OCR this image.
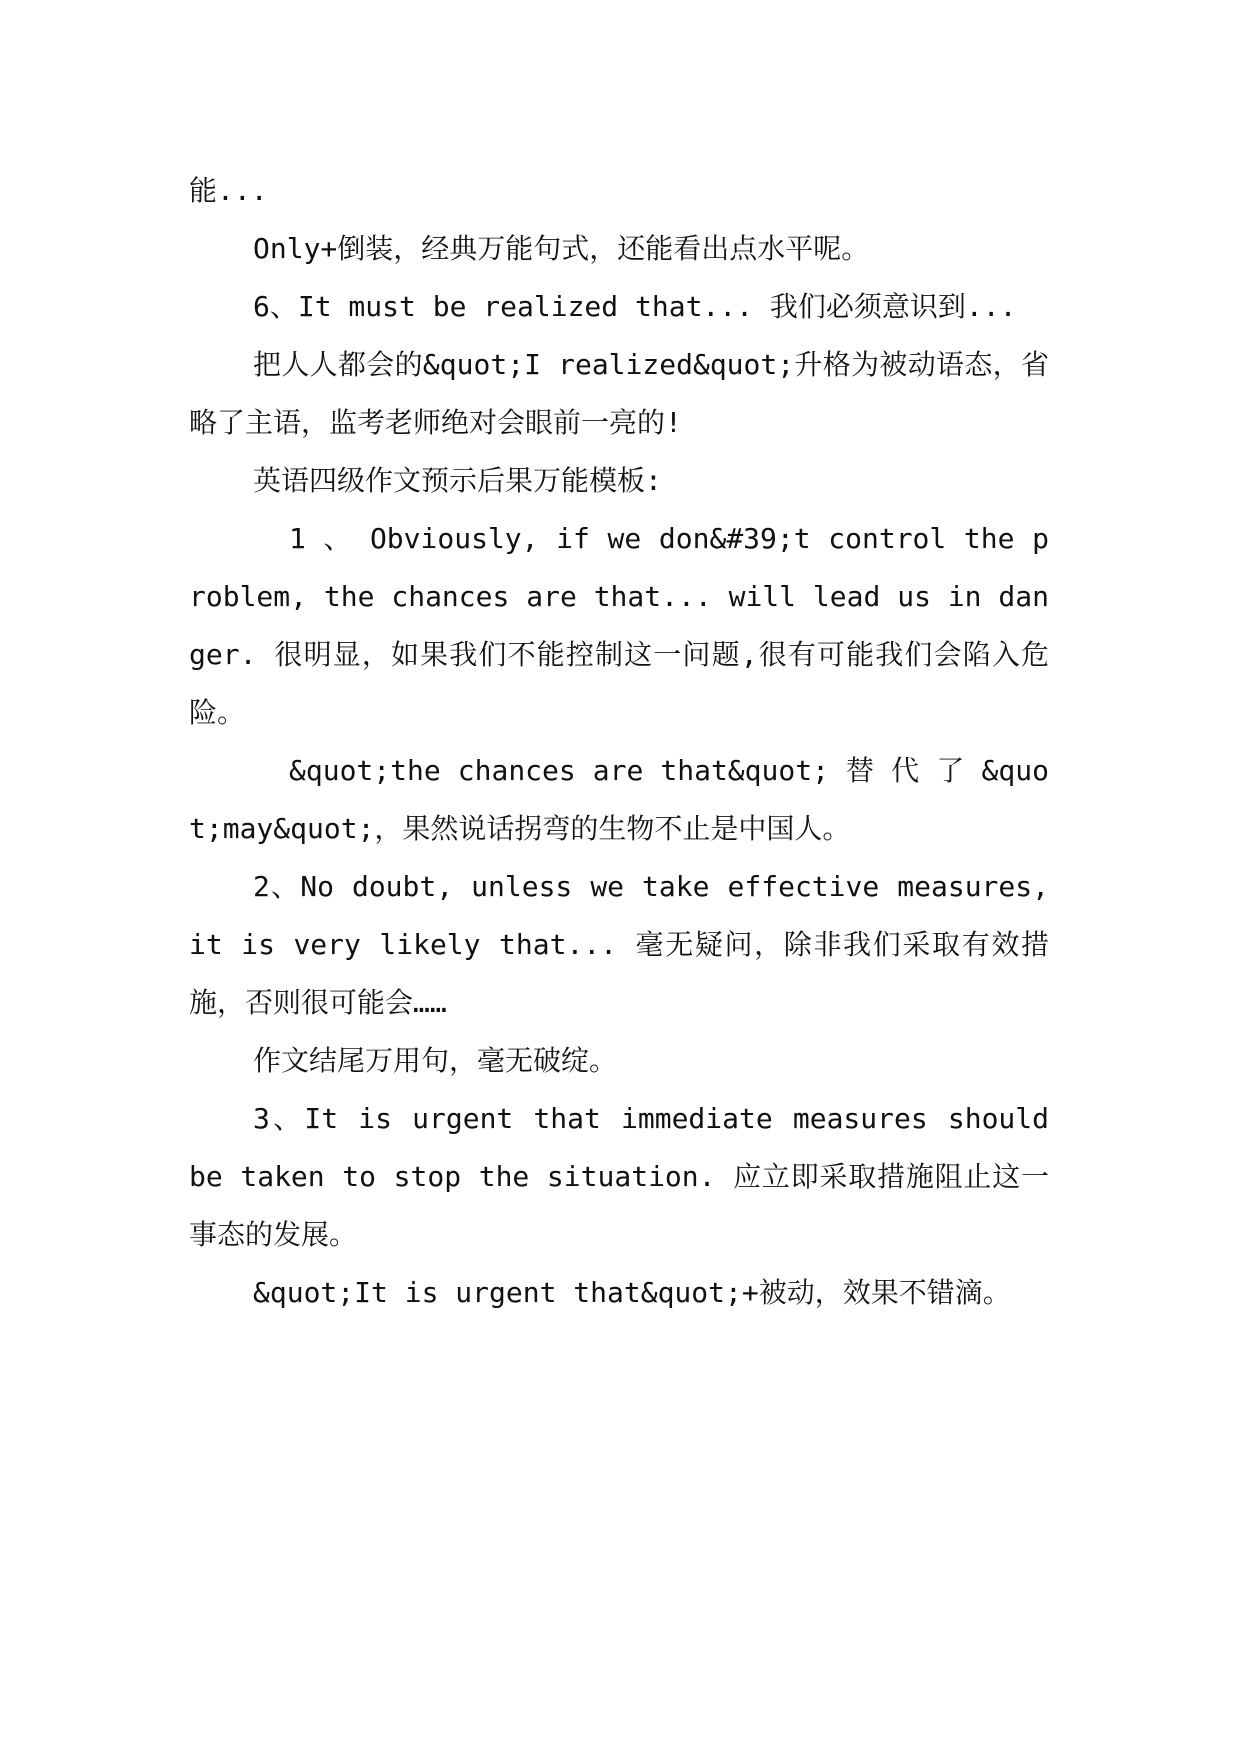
能...

Only+倒装，经典万能句式，还能看出点水平呢。

6、It must be realized that... 我们必须意识到...

把人人都会的&quot;I realized&quot;升格为被动语态，省略了主语，监考老师绝对会眼前一亮的!

英语四级作文预示后果万能模板:

1 、 Obviously, if we don&#39;t control the problem, the chances are that... will lead us in danger. 很明显，如果我们不能控制这一问题,很有可能我们会陷入危险。

&quot;the chances are that&quot; 替 代 了 &quot;may&quot;，果然说话拐弯的生物不止是中国人。

2、No doubt, unless we take effective measures, it is very likely that... 毫无疑问，除非我们采取有效措施，否则很可能会……

作文结尾万用句，毫无破绽。

3、It is urgent that immediate measures should be taken to stop the situation. 应立即采取措施阻止这一事态的发展。

&quot;It is urgent that&quot;+被动，效果不错滴。
